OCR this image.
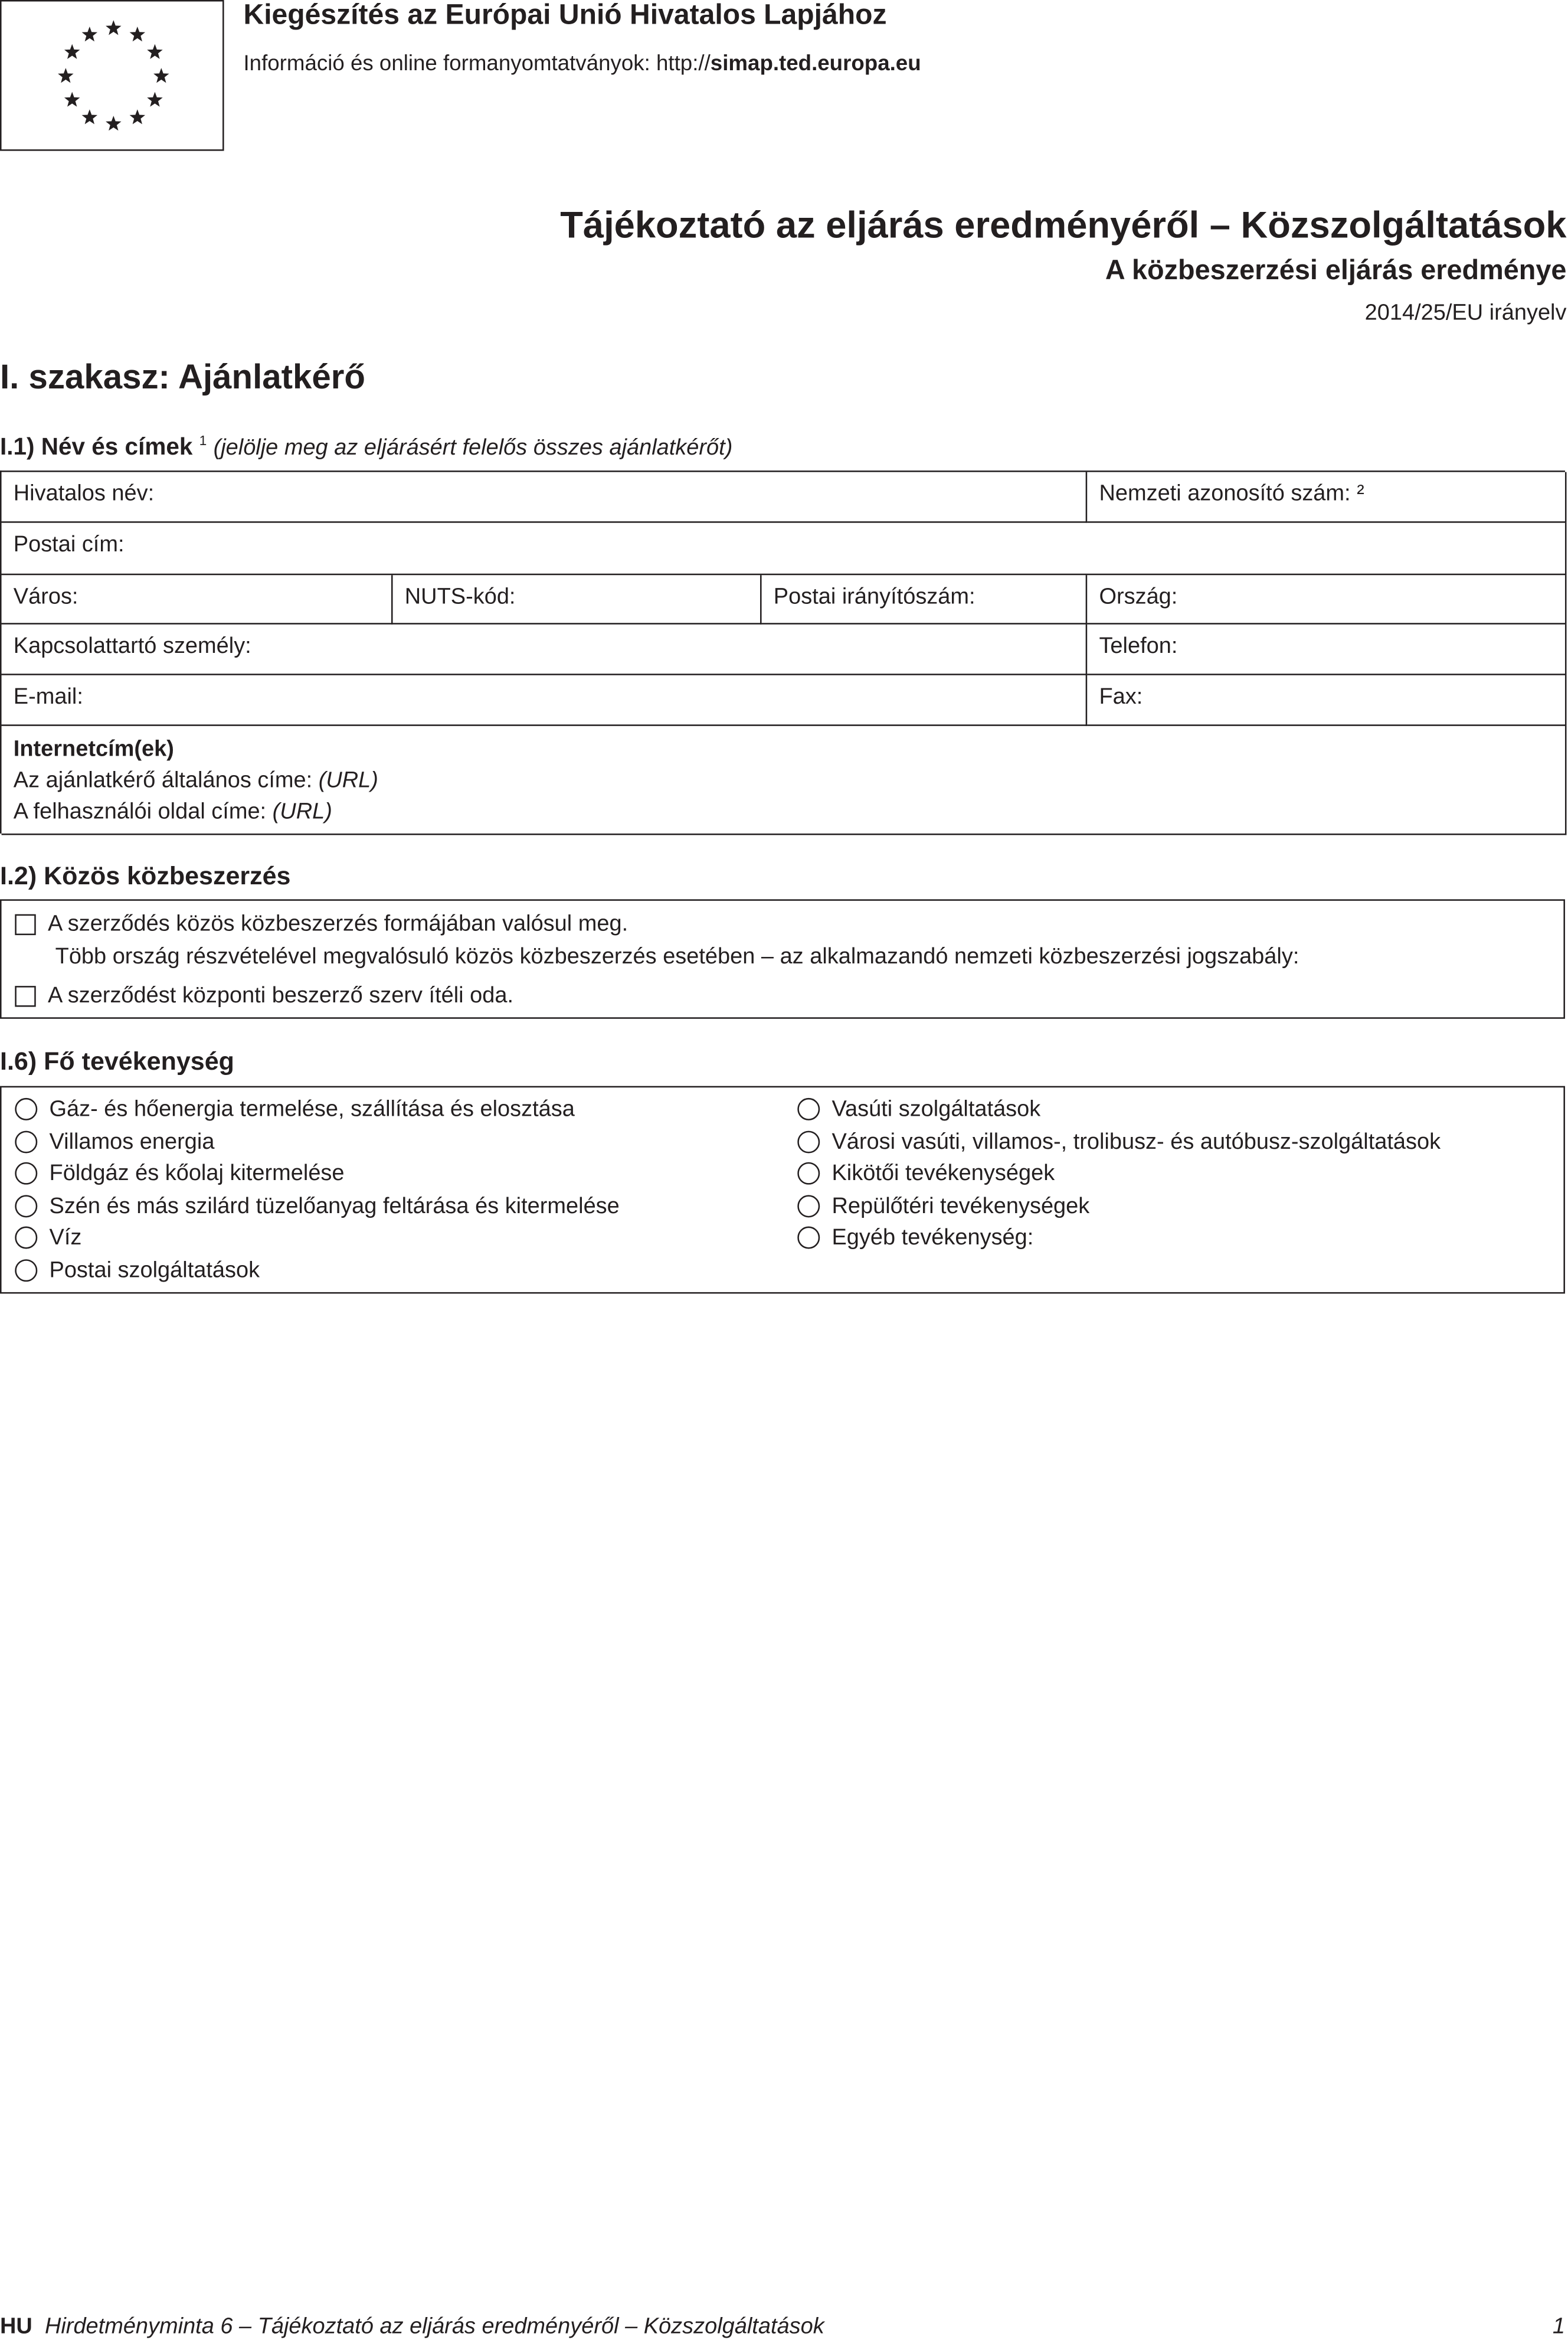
Kiegészítés az Európai Unió Hivatalos Lapjához
Információ és online formanyomtatványok: http://simap.ted.europa.eu
Tájékoztató az eljárás eredményéről – Közszolgáltatások
A közbeszerzési eljárás eredménye
2014/25/EU irányelv
I. szakasz: Ajánlatkérő
I.1) Név és címek $^1$ (jelölje meg az eljárásért felelős összes ajánlatkérőt)
Hivatalos név:	Nemzeti azonosító szám: ²
Postai cím:
Város:	NUTS-kód:	Postai irányítószám:	Ország:
Kapcsolattartó személy:	Telefon:
E-mail:	Fax:
Internetcím(ek)
Az ajánlatkérő általános címe: (URL)
A felhasználói oldal címe: (URL)
I.2) Közös közbeszerzés
A szerződés közös közbeszerzés formájában valósul meg.
Több ország részvételével megvalósuló közös közbeszerzés esetében – az alkalmazandó nemzeti közbeszerzési jogszabály:
A szerződést központi beszerző szerv ítéli oda.
I.6) Fő tevékenység
Gáz- és hőenergia termelése, szállítása és elosztása
Villamos energia
Földgáz és kőolaj kitermelése
Szén és más szilárd tüzelőanyag feltárása és kitermelése
Víz
Postai szolgáltatások
Vasúti szolgáltatások
Városi vasúti, villamos-, trolibusz- és autóbusz-szolgáltatások
Kikötői tevékenységek
Repülőtéri tevékenységek
Egyéb tevékenység:
HU Hirdetményminta 6 – Tájékoztató az eljárás eredményéről – Közszolgáltatások	1
